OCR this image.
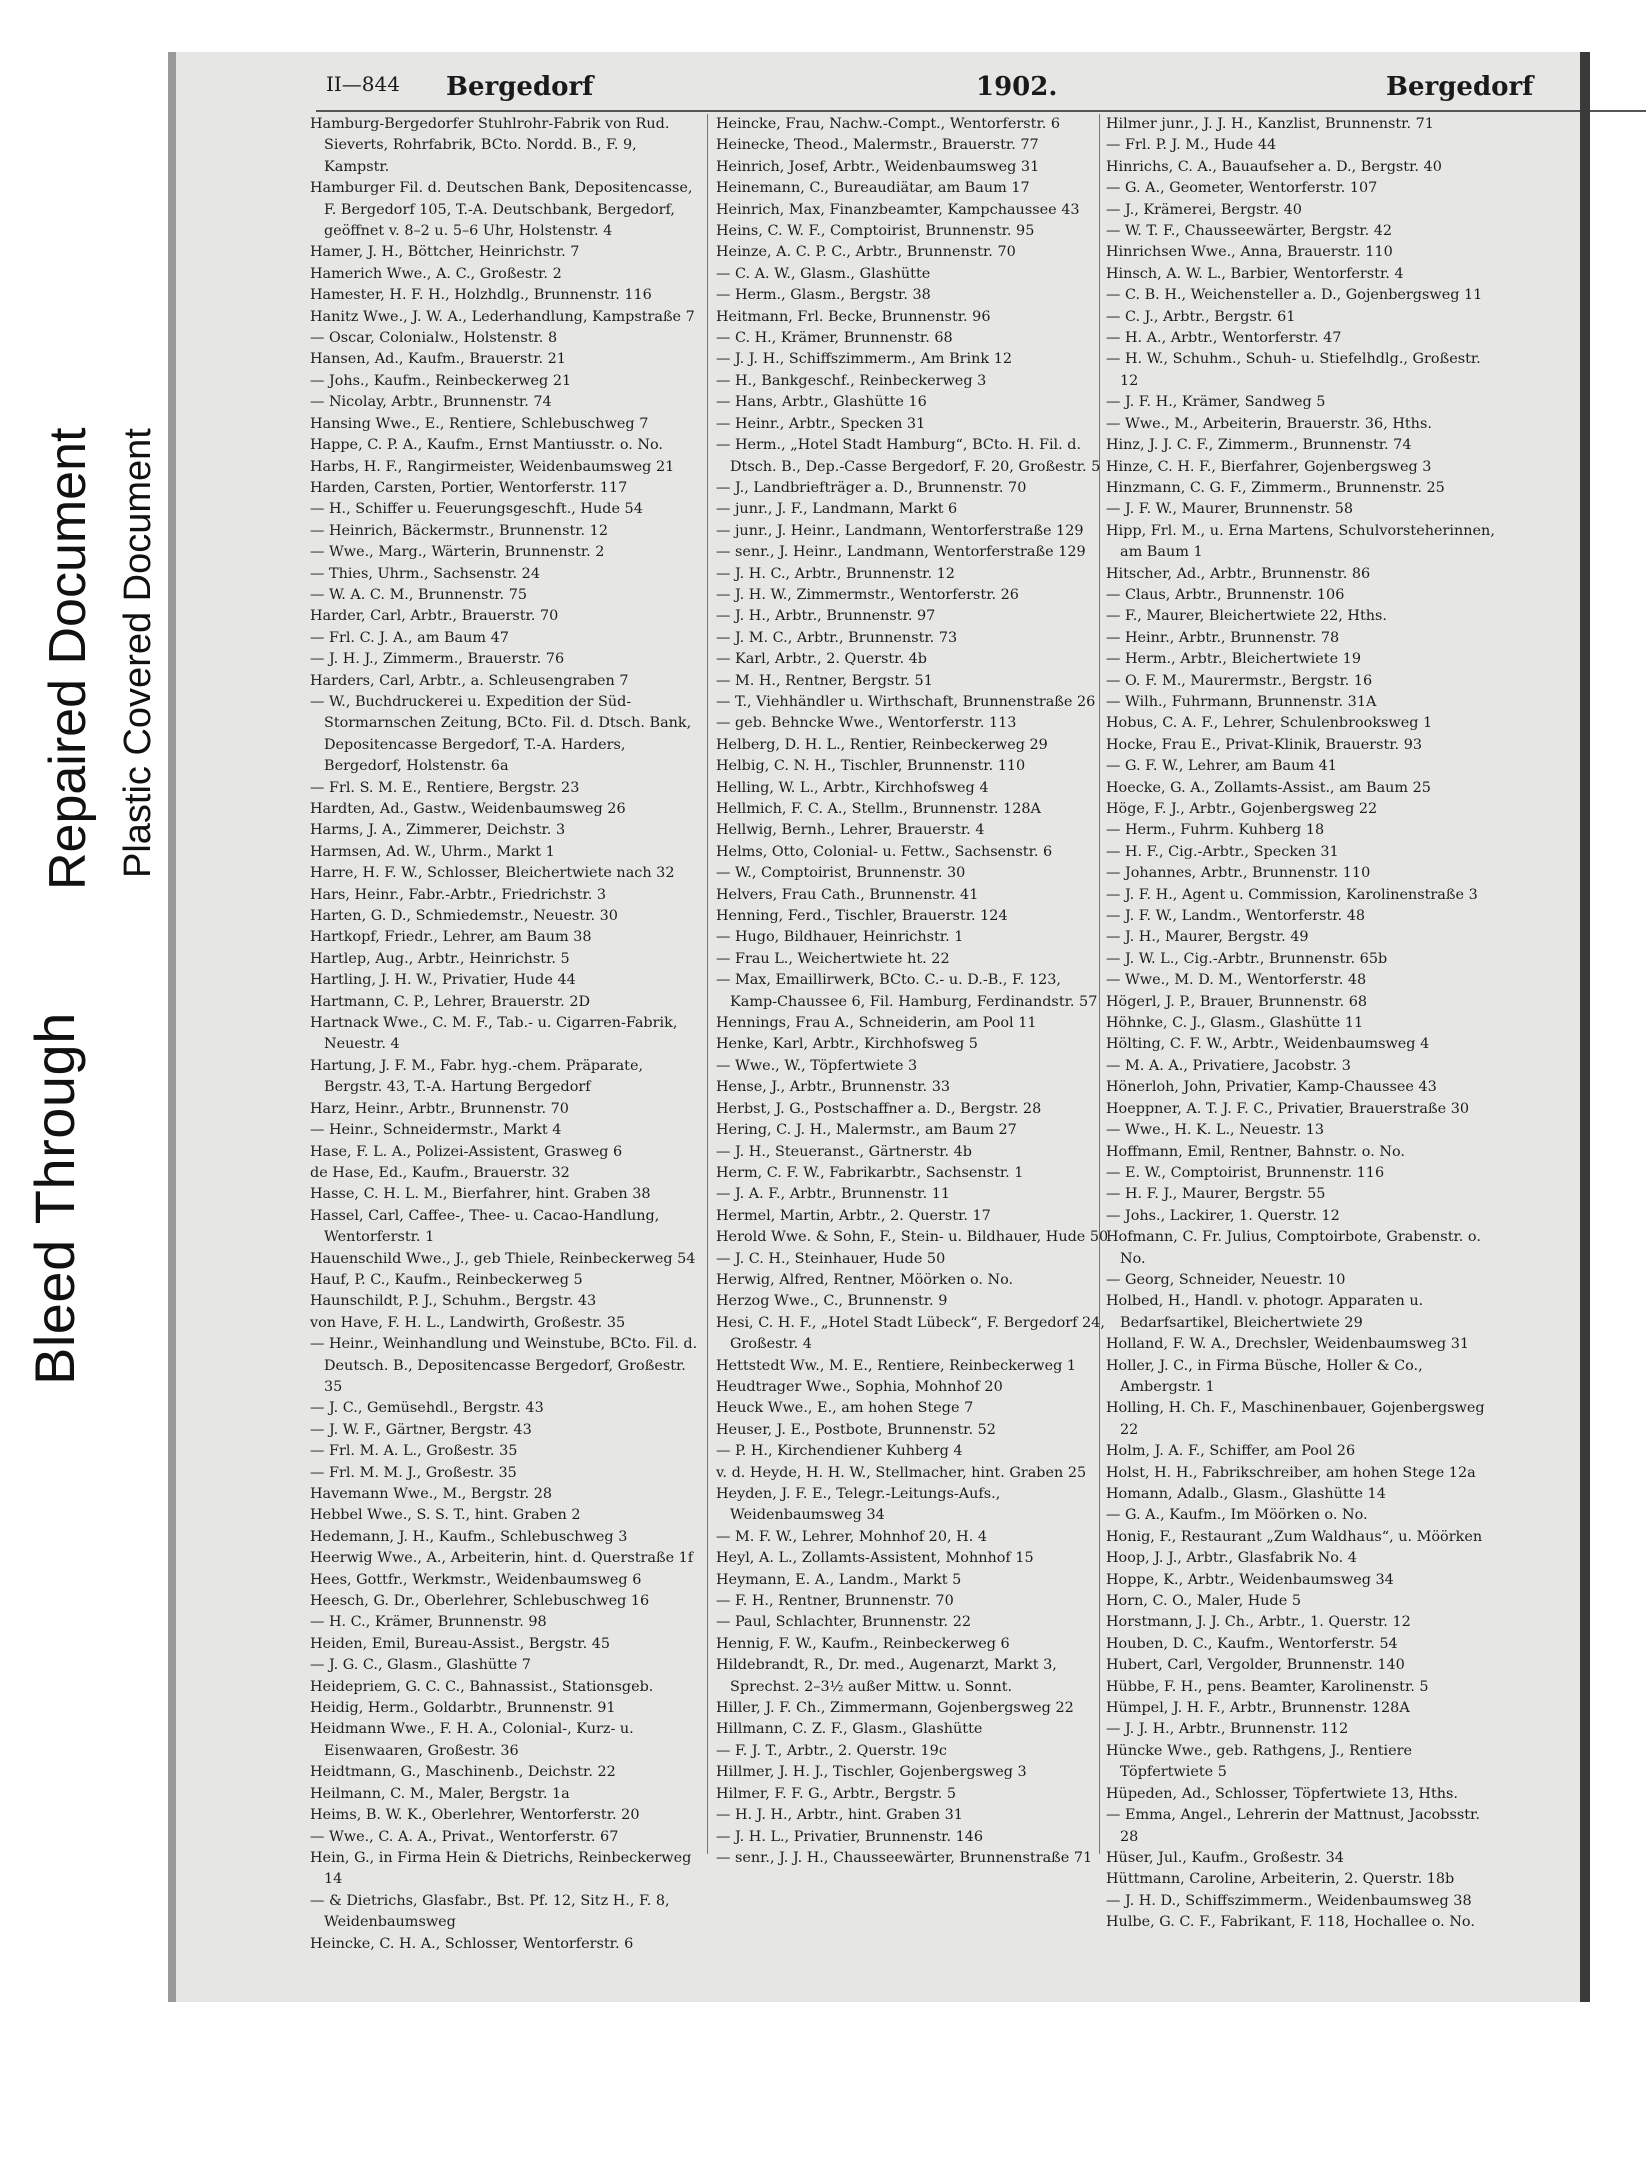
Bleed Through
Repaired Document Plastic Covered Document
II—844 Bergedorf	1902.	Bergedorf

Hamburg-Bergedorfer Stuhlrohr-Fabrik von Rud. Sieverts, Rohrfabrik, BCto. Nordd. B., F. 9, Kampstr.

Hamburger Fil. d. Deutschen Bank, Depositencasse, F. Bergedorf 105, T.-A. Deutschbank, Bergedorf, geöffnet v. 8–2 u. 5–6 Uhr, Holstenstr. 4

Hamer, J. H., Böttcher, Heinrichstr. 7

Hamerich Wwe., A. C., Großestr. 2

Hamester, H. F. H., Holzhdlg., Brunnenstr. 116

Hanitz Wwe., J. W. A., Lederhandlung, Kampstraße 7

— Oscar, Colonialw., Holstenstr. 8

Hansen, Ad., Kaufm., Brauerstr. 21

— Johs., Kaufm., Reinbeckerweg 21

— Nicolay, Arbtr., Brunnenstr. 74

Hansing Wwe., E., Rentiere, Schlebuschweg 7

Happe, C. P. A., Kaufm., Ernst Mantiusstr. o. No.

Harbs, H. F., Rangirmeister, Weidenbaumsweg 21

Harden, Carsten, Portier, Wentorferstr. 117

— H., Schiffer u. Feuerungsgeschft., Hude 54

— Heinrich, Bäckermstr., Brunnenstr. 12

— Wwe., Marg., Wärterin, Brunnenstr. 2

— Thies, Uhrm., Sachsenstr. 24

— W. A. C. M., Brunnenstr. 75

Harder, Carl, Arbtr., Brauerstr. 70

— Frl. C. J. A., am Baum 47

— J. H. J., Zimmerm., Brauerstr. 76

Harders, Carl, Arbtr., a. Schleusengraben 7

— W., Buchdruckerei u. Expedition der Süd-Stormarnschen Zeitung, BCto. Fil. d. Dtsch. Bank, Depositencasse Bergedorf, T.-A. Harders, Bergedorf, Holstenstr. 6a

— Frl. S. M. E., Rentiere, Bergstr. 23

Hardten, Ad., Gastw., Weidenbaumsweg 26

Harms, J. A., Zimmerer, Deichstr. 3

Harmsen, Ad. W., Uhrm., Markt 1

Harre, H. F. W., Schlosser, Bleichertwiete nach 32

Hars, Heinr., Fabr.-Arbtr., Friedrichstr. 3

Harten, G. D., Schmiedemstr., Neuestr. 30

Hartkopf, Friedr., Lehrer, am Baum 38

Hartlep, Aug., Arbtr., Heinrichstr. 5

Hartling, J. H. W., Privatier, Hude 44

Hartmann, C. P., Lehrer, Brauerstr. 2D

Hartnack Wwe., C. M. F., Tab.- u. Cigarren-Fabrik, Neuestr. 4

Hartung, J. F. M., Fabr. hyg.-chem. Präparate, Bergstr. 43, T.-A. Hartung Bergedorf

Harz, Heinr., Arbtr., Brunnenstr. 70

— Heinr., Schneidermstr., Markt 4

Hase, F. L. A., Polizei-Assistent, Grasweg 6

de Hase, Ed., Kaufm., Brauerstr. 32

Hasse, C. H. L. M., Bierfahrer, hint. Graben 38

Hassel, Carl, Caffee-, Thee- u. Cacao-Handlung, Wentorferstr. 1

Hauenschild Wwe., J., geb Thiele, Reinbeckerweg 54

Hauf, P. C., Kaufm., Reinbeckerweg 5

Haunschildt, P. J., Schuhm., Bergstr. 43

von Have, F. H. L., Landwirth, Großestr. 35

— Heinr., Weinhandlung und Weinstube, BCto. Fil. d. Deutsch. B., Depositencasse Bergedorf, Großestr. 35

— J. C., Gemüsehdl., Bergstr. 43

— J. W. F., Gärtner, Bergstr. 43

— Frl. M. A. L., Großestr. 35

— Frl. M. M. J., Großestr. 35

Havemann Wwe., M., Bergstr. 28

Hebbel Wwe., S. S. T., hint. Graben 2

Hedemann, J. H., Kaufm., Schlebuschweg 3

Heerwig Wwe., A., Arbeiterin, hint. d. Querstraße 1f

Hees, Gottfr., Werkmstr., Weidenbaumsweg 6

Heesch, G. Dr., Oberlehrer, Schlebuschweg 16

— H. C., Krämer, Brunnenstr. 98

Heiden, Emil, Bureau-Assist., Bergstr. 45

— J. G. C., Glasm., Glashütte 7

Heidepriem, G. C. C., Bahnassist., Stationsgeb.

Heidig, Herm., Goldarbtr., Brunnenstr. 91

Heidmann Wwe., F. H. A., Colonial-, Kurz- u. Eisenwaaren, Großestr. 36

Heidtmann, G., Maschinenb., Deichstr. 22

Heilmann, C. M., Maler, Bergstr. 1a

Heims, B. W. K., Oberlehrer, Wentorferstr. 20

— Wwe., C. A. A., Privat., Wentorferstr. 67

Hein, G., in Firma Hein & Dietrichs, Reinbeckerweg 14

— & Dietrichs, Glasfabr., Bst. Pf. 12, Sitz H., F. 8, Weidenbaumsweg

Heincke, C. H. A., Schlosser, Wentorferstr. 6

Heincke, Frau, Nachw.-Compt., Wentorferstr. 6

Heinecke, Theod., Malermstr., Brauerstr. 77

Heinrich, Josef, Arbtr., Weidenbaumsweg 31

Heinemann, C., Bureaudiätar, am Baum 17

Heinrich, Max, Finanzbeamter, Kampchaussee 43

Heins, C. W. F., Comptoirist, Brunnenstr. 95

Heinze, A. C. P. C., Arbtr., Brunnenstr. 70

— C. A. W., Glasm., Glashütte

— Herm., Glasm., Bergstr. 38

Heitmann, Frl. Becke, Brunnenstr. 96

— C. H., Krämer, Brunnenstr. 68

— J. J. H., Schiffszimmerm., Am Brink 12

— H., Bankgeschf., Reinbeckerweg 3

— Hans, Arbtr., Glashütte 16

— Heinr., Arbtr., Specken 31

— Herm., „Hotel Stadt Hamburg“, BCto. H. Fil. d. Dtsch. B., Dep.-Casse Bergedorf, F. 20, Großestr. 5

— J., Landbriefträger a. D., Brunnenstr. 70

— junr., J. F., Landmann, Markt 6

— junr., J. Heinr., Landmann, Wentorferstraße 129

— senr., J. Heinr., Landmann, Wentorferstraße 129

— J. H. C., Arbtr., Brunnenstr. 12

— J. H. W., Zimmermstr., Wentorferstr. 26

— J. H., Arbtr., Brunnenstr. 97

— J. M. C., Arbtr., Brunnenstr. 73

— Karl, Arbtr., 2. Querstr. 4b

— M. H., Rentner, Bergstr. 51

— T., Viehhändler u. Wirthschaft, Brunnenstraße 26

— geb. Behncke Wwe., Wentorferstr. 113

Helberg, D. H. L., Rentier, Reinbeckerweg 29

Helbig, C. N. H., Tischler, Brunnenstr. 110

Helling, W. L., Arbtr., Kirchhofsweg 4

Hellmich, F. C. A., Stellm., Brunnenstr. 128A

Hellwig, Bernh., Lehrer, Brauerstr. 4

Helms, Otto, Colonial- u. Fettw., Sachsenstr. 6

— W., Comptoirist, Brunnenstr. 30

Helvers, Frau Cath., Brunnenstr. 41

Henning, Ferd., Tischler, Brauerstr. 124

— Hugo, Bildhauer, Heinrichstr. 1

— Frau L., Weichertwiete ht. 22

— Max, Emaillirwerk, BCto. C.- u. D.-B., F. 123, Kamp-Chaussee 6, Fil. Hamburg, Ferdinandstr. 57

Hennings, Frau A., Schneiderin, am Pool 11

Henke, Karl, Arbtr., Kirchhofsweg 5

— Wwe., W., Töpfertwiete 3

Hense, J., Arbtr., Brunnenstr. 33

Herbst, J. G., Postschaffner a. D., Bergstr. 28

Hering, C. J. H., Malermstr., am Baum 27

— J. H., Steueranst., Gärtnerstr. 4b

Herm, C. F. W., Fabrikarbtr., Sachsenstr. 1

— J. A. F., Arbtr., Brunnenstr. 11

Hermel, Martin, Arbtr., 2. Querstr. 17

Herold Wwe. & Sohn, F., Stein- u. Bildhauer, Hude 50

— J. C. H., Steinhauer, Hude 50

Herwig, Alfred, Rentner, Möörken o. No.

Herzog Wwe., C., Brunnenstr. 9

Hesi, C. H. F., „Hotel Stadt Lübeck“, F. Bergedorf 24, Großestr. 4

Hettstedt Ww., M. E., Rentiere, Reinbeckerweg 1

Heudtrager Wwe., Sophia, Mohnhof 20

Heuck Wwe., E., am hohen Stege 7

Heuser, J. E., Postbote, Brunnenstr. 52

— P. H., Kirchendiener Kuhberg 4

v. d. Heyde, H. H. W., Stellmacher, hint. Graben 25

Heyden, J. F. E., Telegr.-Leitungs-Aufs., Weidenbaumsweg 34

— M. F. W., Lehrer, Mohnhof 20, H. 4

Heyl, A. L., Zollamts-Assistent, Mohnhof 15

Heymann, E. A., Landm., Markt 5

— F. H., Rentner, Brunnenstr. 70

— Paul, Schlachter, Brunnenstr. 22

Hennig, F. W., Kaufm., Reinbeckerweg 6

Hildebrandt, R., Dr. med., Augenarzt, Markt 3, Sprechst. 2–3½ außer Mittw. u. Sonnt.

Hiller, J. F. Ch., Zimmermann, Gojenbergsweg 22

Hillmann, C. Z. F., Glasm., Glashütte

— F. J. T., Arbtr., 2. Querstr. 19c

Hillmer, J. H. J., Tischler, Gojenbergsweg 3

Hilmer, F. F. G., Arbtr., Bergstr. 5

— H. J. H., Arbtr., hint. Graben 31

— J. H. L., Privatier, Brunnenstr. 146

— senr., J. J. H., Chausseewärter, Brunnenstraße 71

Hilmer junr., J. J. H., Kanzlist, Brunnenstr. 71

— Frl. P. J. M., Hude 44

Hinrichs, C. A., Bauaufseher a. D., Bergstr. 40

— G. A., Geometer, Wentorferstr. 107

— J., Krämerei, Bergstr. 40

— W. T. F., Chausseewärter, Bergstr. 42

Hinrichsen Wwe., Anna, Brauerstr. 110

Hinsch, A. W. L., Barbier, Wentorferstr. 4

— C. B. H., Weichensteller a. D., Gojenbergsweg 11

— C. J., Arbtr., Bergstr. 61

— H. A., Arbtr., Wentorferstr. 47

— H. W., Schuhm., Schuh- u. Stiefelhdlg., Großestr. 12

— J. F. H., Krämer, Sandweg 5

— Wwe., M., Arbeiterin, Brauerstr. 36, Hths.

Hinz, J. J. C. F., Zimmerm., Brunnenstr. 74

Hinze, C. H. F., Bierfahrer, Gojenbergsweg 3

Hinzmann, C. G. F., Zimmerm., Brunnenstr. 25

— J. F. W., Maurer, Brunnenstr. 58

Hipp, Frl. M., u. Erna Martens, Schulvorsteherinnen, am Baum 1

Hitscher, Ad., Arbtr., Brunnenstr. 86

— Claus, Arbtr., Brunnenstr. 106

— F., Maurer, Bleichertwiete 22, Hths.

— Heinr., Arbtr., Brunnenstr. 78

— Herm., Arbtr., Bleichertwiete 19

— O. F. M., Maurermstr., Bergstr. 16

— Wilh., Fuhrmann, Brunnenstr. 31A

Hobus, C. A. F., Lehrer, Schulenbrooksweg 1

Hocke, Frau E., Privat-Klinik, Brauerstr. 93

— G. F. W., Lehrer, am Baum 41

Hoecke, G. A., Zollamts-Assist., am Baum 25

Höge, F. J., Arbtr., Gojenbergsweg 22

— Herm., Fuhrm. Kuhberg 18

— H. F., Cig.-Arbtr., Specken 31

— Johannes, Arbtr., Brunnenstr. 110

— J. F. H., Agent u. Commission, Karolinenstraße 3

— J. F. W., Landm., Wentorferstr. 48

— J. H., Maurer, Bergstr. 49

— J. W. L., Cig.-Arbtr., Brunnenstr. 65b

— Wwe., M. D. M., Wentorferstr. 48

Högerl, J. P., Brauer, Brunnenstr. 68

Höhnke, C. J., Glasm., Glashütte 11

Hölting, C. F. W., Arbtr., Weidenbaumsweg 4

— M. A. A., Privatiere, Jacobstr. 3

Hönerloh, John, Privatier, Kamp-Chaussee 43

Hoeppner, A. T. J. F. C., Privatier, Brauerstraße 30

— Wwe., H. K. L., Neuestr. 13

Hoffmann, Emil, Rentner, Bahnstr. o. No.

— E. W., Comptoirist, Brunnenstr. 116

— H. F. J., Maurer, Bergstr. 55

— Johs., Lackirer, 1. Querstr. 12

Hofmann, C. Fr. Julius, Comptoirbote, Grabenstr. o. No.

— Georg, Schneider, Neuestr. 10

Holbed, H., Handl. v. photogr. Apparaten u. Bedarfsartikel, Bleichertwiete 29

Holland, F. W. A., Drechsler, Weidenbaumsweg 31

Holler, J. C., in Firma Büsche, Holler & Co., Ambergstr. 1

Holling, H. Ch. F., Maschinenbauer, Gojenbergsweg 22

Holm, J. A. F., Schiffer, am Pool 26

Holst, H. H., Fabrikschreiber, am hohen Stege 12a

Homann, Adalb., Glasm., Glashütte 14

— G. A., Kaufm., Im Möörken o. No.

Honig, F., Restaurant „Zum Waldhaus“, u. Möörken

Hoop, J. J., Arbtr., Glasfabrik No. 4

Hoppe, K., Arbtr., Weidenbaumsweg 34

Horn, C. O., Maler, Hude 5

Horstmann, J. J. Ch., Arbtr., 1. Querstr. 12

Houben, D. C., Kaufm., Wentorferstr. 54

Hubert, Carl, Vergolder, Brunnenstr. 140

Hübbe, F. H., pens. Beamter, Karolinenstr. 5

Hümpel, J. H. F., Arbtr., Brunnenstr. 128A

— J. J. H., Arbtr., Brunnenstr. 112

Hüncke Wwe., geb. Rathgens, J., Rentiere Töpfertwiete 5

Hüpeden, Ad., Schlosser, Töpfertwiete 13, Hths.

— Emma, Angel., Lehrerin der Mattnust, Jacobsstr. 28

Hüser, Jul., Kaufm., Großestr. 34

Hüttmann, Caroline, Arbeiterin, 2. Querstr. 18b

— J. H. D., Schiffszimmerm., Weidenbaumsweg 38

Hulbe, G. C. F., Fabrikant, F. 118, Hochallee o. No.
